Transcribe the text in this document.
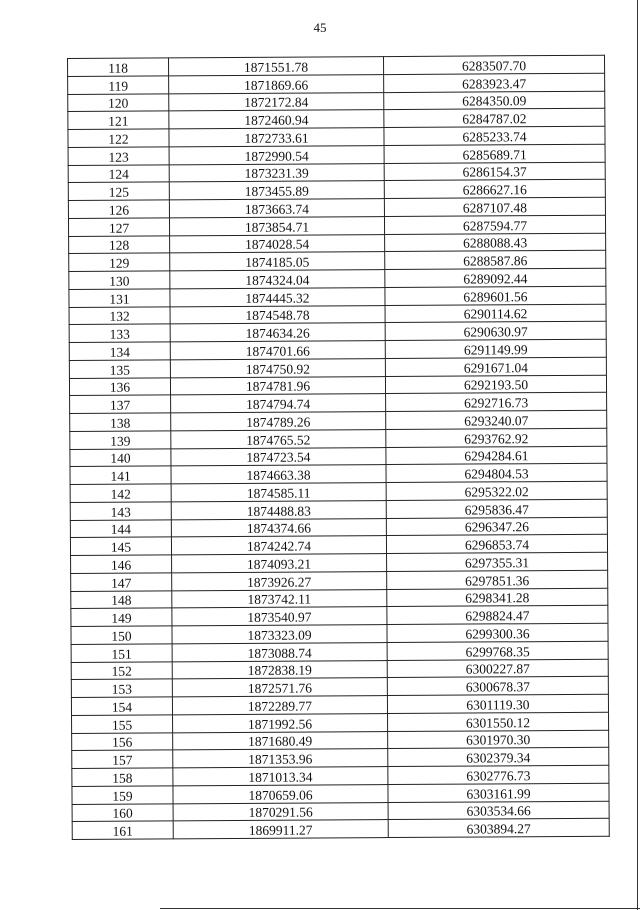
45
118	1871551.78	6283507.70
119	1871869.66	6283923.47
120	1872172.84	6284350.09
121	1872460.94	6284787.02
122	1872733.61	6285233.74
123	1872990.54	6285689.71
124	1873231.39	6286154.37
125	1873455.89	6286627.16
126	1873663.74	6287107.48
127	1873854.71	6287594.77
128	1874028.54	6288088.43
129	1874185.05	6288587.86
130	1874324.04	6289092.44
131	1874445.32	6289601.56
132	1874548.78	6290114.62
133	1874634.26	6290630.97
134	1874701.66	6291149.99
135	1874750.92	6291671.04
136	1874781.96	6292193.50
137	1874794.74	6292716.73
138	1874789.26	6293240.07
139	1874765.52	6293762.92
140	1874723.54	6294284.61
141	1874663.38	6294804.53
142	1874585.11	6295322.02
143	1874488.83	6295836.47
144	1874374.66	6296347.26
145	1874242.74	6296853.74
146	1874093.21	6297355.31
147	1873926.27	6297851.36
148	1873742.11	6298341.28
149	1873540.97	6298824.47
150	1873323.09	6299300.36
151	1873088.74	6299768.35
152	1872838.19	6300227.87
153	1872571.76	6300678.37
154	1872289.77	6301119.30
155	1871992.56	6301550.12
156	1871680.49	6301970.30
157	1871353.96	6302379.34
158	1871013.34	6302776.73
159	1870659.06	6303161.99
160	1870291.56	6303534.66
161	1869911.27	6303894.27
